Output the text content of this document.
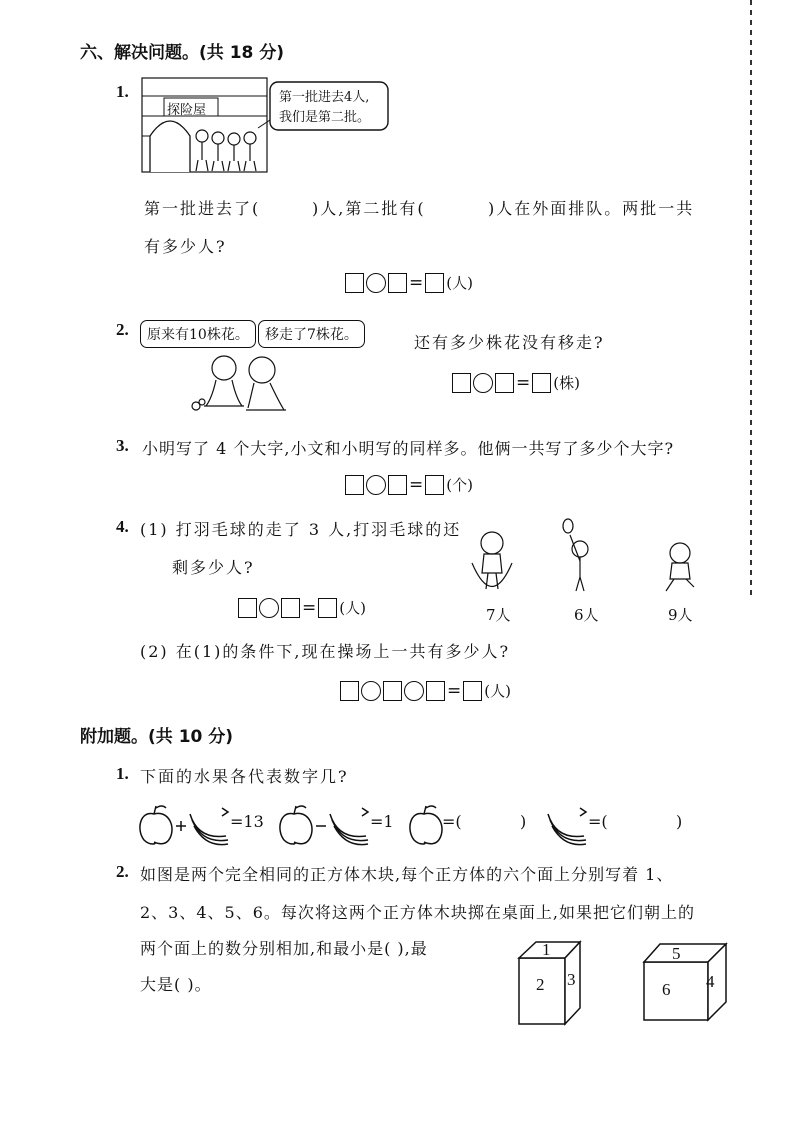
六、解决问题。(共 18 分)
1.
探险屋
第一批进去4人,
我们是第二批。
第一批进去了(	)人,第二批有(	)人在外面排队。两批一共
有多少人?
= (人)
2.	原来有10株花。	移走了7株花。	还有多少株花没有移走?
= (株)
3. 小明写了 4 个大字,小文和小明写的同样多。他俩一共写了多少个大字?
= (个)
4. (1) 打羽毛球的走了 3 人,打羽毛球的还
剩多少人?
= (人)	7人	6人	9人
(2) 在(1)的条件下,现在操场上一共有多少人?
= (人)
附加题。(共 10 分)
1. 下面的水果各代表数字几?
=13	=1	=(	)	=(	)
2. 如图是两个完全相同的正方体木块,每个正方体的六个面上分别写着 1、
2、3、4、5、6。每次将这两个正方体木块掷在桌面上,如果把它们朝上的
两个面上的数分别相加,和最小是( ),最
大是( )。
1
2 3
5
6 4
